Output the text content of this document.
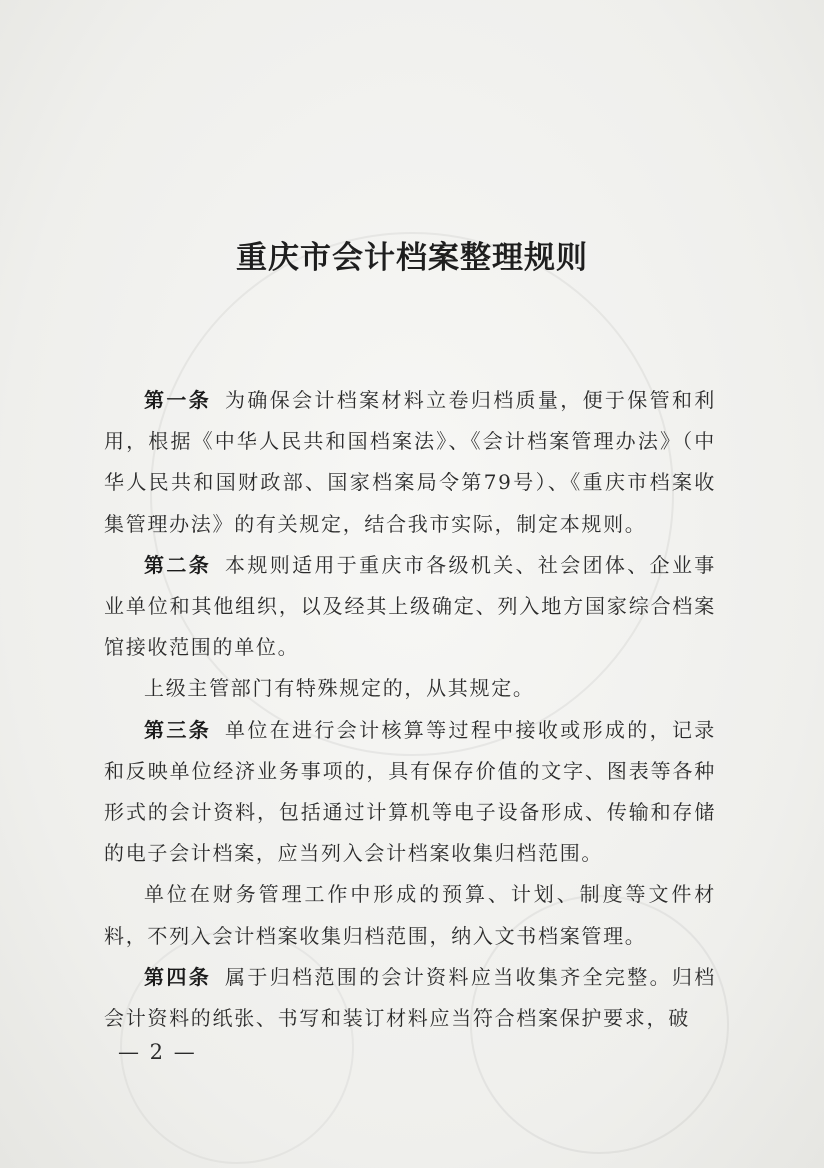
重庆市会计档案整理规则

第一条 为确保会计档案材料立卷归档质量，便于保管和利用，根据《中华人民共和国档案法》、《会计档案管理办法》（中华人民共和国财政部、国家档案局令第79号）、《重庆市档案收集管理办法》的有关规定，结合我市实际，制定本规则。

第二条 本规则适用于重庆市各级机关、社会团体、企业事业单位和其他组织，以及经其上级确定、列入地方国家综合档案馆接收范围的单位。

上级主管部门有特殊规定的，从其规定。

第三条 单位在进行会计核算等过程中接收或形成的，记录和反映单位经济业务事项的，具有保存价值的文字、图表等各种形式的会计资料，包括通过计算机等电子设备形成、传输和存储的电子会计档案，应当列入会计档案收集归档范围。

单位在财务管理工作中形成的预算、计划、制度等文件材料，不列入会计档案收集归档范围，纳入文书档案管理。

第四条 属于归档范围的会计资料应当收集齐全完整。归档会计资料的纸张、书写和装订材料应当符合档案保护要求，破

— 2 —
